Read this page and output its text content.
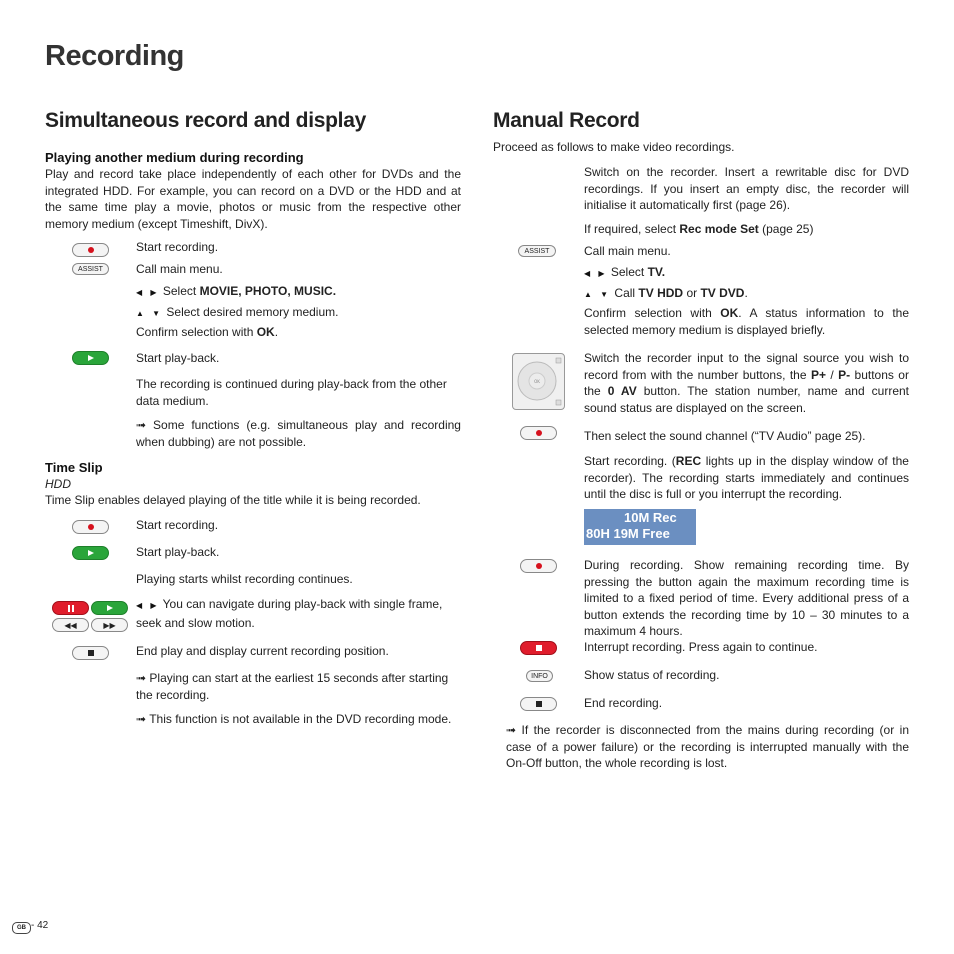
Recording
Simultaneous record and display
Playing another medium during recording
Play and record take place independently of each other for DVDs and the integrated HDD. For example, you can record on a DVD or the HDD and at the same time play a movie, photos or music from the respective other memory medium (except Timeshift, DivX).
Start recording.
ASSIST	Call main menu.
◀ ▶ Select MOVIE, PHOTO, MUSIC.
▲ ▼ Select desired memory medium.
Confirm selection with OK.
Start play-back.
The recording is continued during play-back from the other data medium.
➟ Some functions (e.g. simultaneous play and recording when dubbing) are not possible.
Time Slip
HDD
Time Slip enables delayed playing of the title while it is being recorded.
Start recording.
Start play-back.
Playing starts whilst recording continues.
◀◀	▶▶
◀ ▶ You can navigate during play-back with single frame, seek and slow motion.
End play and display current recording position.
➟ Playing can start at the earliest 15 seconds after starting the recording.
➟ This function is not available in the DVD recording mode.
Manual Record
Proceed as follows to make video recordings.
Switch on the recorder. Insert a rewritable disc for DVD recordings. If you insert an empty disc, the recorder will initialise it automatically first (page 26).
If required, select Rec mode Set (page 25)
ASSIST	Call main menu.
◀ ▶ Select TV.
▲ ▼ Call TV HDD or TV DVD.
Confirm selection with OK. A status information to the selected memory medium is displayed briefly.
OK
Switch the recorder input to the signal source you wish to record from with the number buttons, the P+ / P- buttons or the 0 AV button. The station number, name and current sound status are displayed on the screen.
Then select the sound channel (“TV Audio” page 25).
Start recording. (REC lights up in the display window of the recorder). The recording starts immediately and continues until the disc is full or you interrupt the recording.
10M Rec
80H 19M Free
During recording. Show remaining recording time. By pressing the button again the maximum recording time is limited to a fixed period of time. Every additional press of a button extends the recording time by 10 – 30 minutes to a maximum 4 hours.
Interrupt recording. Press again to continue.
INFO	Show status of recording.
End recording.
➟ If the recorder is disconnected from the mains during recording (or in case of a power failure) or the recording is interrupted manually with the On-Off button, the whole recording is lost.
GB - 42
